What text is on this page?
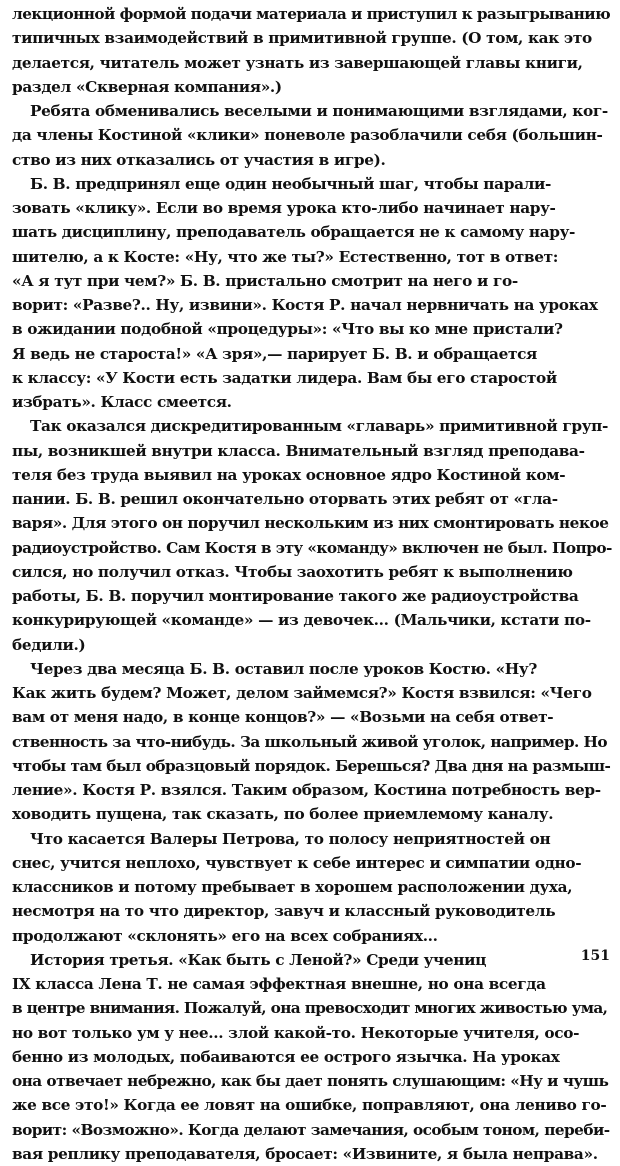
лекционной формой подачи материала и приступил к разыгрыванию
типичных взаимодействий в примитивной группе. (О том, как это
делается, читатель может узнать из завершающей главы книги,
раздел «Скверная компания».)
Ребята обменивались веселыми и понимающими взглядами, ког-
да члены Костиной «клики» поневоле разоблачили себя (большин-
ство из них отказались от участия в игре).
Б. В. предпринял еще один необычный шаг, чтобы парали-
зовать «клику». Если во время урока кто-либо начинает нару-
шать дисциплину, преподаватель обращается не к самому нару-
шителю, а к Косте: «Ну, что же ты?» Естественно, тот в ответ:
«А я тут при чем?» Б. В. пристально смотрит на него и го-
ворит: «Разве?.. Ну, извини». Костя Р. начал нервничать на уроках
в ожидании подобной «процедуры»: «Что вы ко мне пристали?
Я ведь не староста!» «А зря»,— парирует Б. В. и обращается
к классу: «У Кости есть задатки лидера. Вам бы его старостой
избрать». Класс смеется.
Так оказался дискредитированным «главарь» примитивной груп-
пы, возникшей внутри класса. Внимательный взгляд преподава-
теля без труда выявил на уроках основное ядро Костиной ком-
пании. Б. В. решил окончательно оторвать этих ребят от «гла-
варя». Для этого он поручил нескольким из них смонтировать некое
радиоустройство. Сам Костя в эту «команду» включен не был. Попро-
сился, но получил отказ. Чтобы заохотить ребят к выполнению
работы, Б. В. поручил монтирование такого же радиоустройства
конкурирующей «команде» — из девочек... (Мальчики, кстати по-
бедили.)
Через два месяца Б. В. оставил после уроков Костю. «Ну?
Как жить будем? Может, делом займемся?» Костя взвился: «Чего
вам от меня надо, в конце концов?» — «Возьми на себя ответ-
ственность за что-нибудь. За школьный живой уголок, например. Но
чтобы там был образцовый порядок. Берешься? Два дня на размыш-
ление». Костя Р. взялся. Таким образом, Костина потребность вер-
ховодить пущена, так сказать, по более приемлемому каналу.
Что касается Валеры Петрова, то полосу неприятностей он
снес, учится неплохо, чувствует к себе интерес и симпатии одно-
классников и потому пребывает в хорошем расположении духа,
несмотря на то что директор, завуч и классный руководитель
продолжают «склонять» его на всех собраниях...
История третья. «Как быть с Леной?» Среди учениц
IX класса Лена Т. не самая эффектная внешне, но она всегда
в центре внимания. Пожалуй, она превосходит многих живостью ума,
но вот только ум у нее... злой какой-то. Некоторые учителя, осо-
бенно из молодых, побаиваются ее острого язычка. На уроках
она отвечает небрежно, как бы дает понять слушающим: «Ну и чушь
же все это!» Когда ее ловят на ошибке, поправляют, она лениво го-
ворит: «Возможно». Когда делают замечания, особым тоном, переби-
вая реплику преподавателя, бросает: «Извините, я была неправа».
151
